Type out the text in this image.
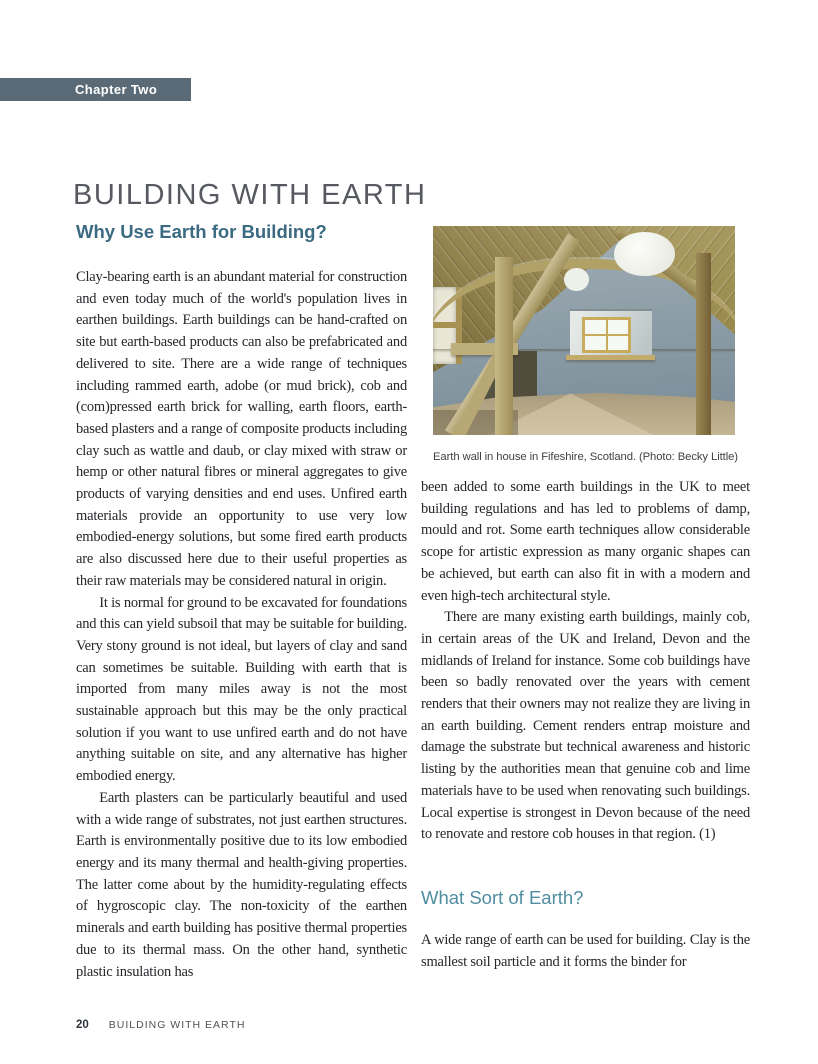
Chapter Two
BUILDING WITH EARTH
Why Use Earth for Building?

Clay-bearing earth is an abundant material for construction and even today much of the world's population lives in earthen buildings. Earth buildings can be hand-crafted on site but earth-based products can also be prefabricated and delivered to site. There are a wide range of techniques including rammed earth, adobe (or mud brick), cob and (com)pressed earth brick for walling, earth floors, earth-based plasters and a range of composite products including clay such as wattle and daub, or clay mixed with straw or hemp or other natural fibres or mineral aggregates to give products of varying densities and end uses. Unfired earth materials provide an opportunity to use very low embodied-energy solutions, but some fired earth products are also discussed here due to their useful properties as their raw materials may be considered natural in origin.

It is normal for ground to be excavated for foundations and this can yield subsoil that may be suitable for building. Very stony ground is not ideal, but layers of clay and sand can sometimes be suitable. Building with earth that is imported from many miles away is not the most sustainable approach but this may be the only practical solution if you want to use unfired earth and do not have anything suitable on site, and any alternative has higher embodied energy.

Earth plasters can be particularly beautiful and used with a wide range of substrates, not just earthen structures. Earth is environmentally positive due to its low embodied energy and its many thermal and health-giving properties. The latter come about by the humidity-regulating effects of hygroscopic clay. The non-toxicity of the earthen minerals and earth building has positive thermal properties due to its thermal mass. On the other hand, synthetic plastic insulation has

Earth wall in house in Fifeshire, Scotland. (Photo: Becky Little)

been added to some earth buildings in the UK to meet building regulations and has led to problems of damp, mould and rot. Some earth techniques allow considerable scope for artistic expression as many organic shapes can be achieved, but earth can also fit in with a modern and even high-tech architectural style.

There are many existing earth buildings, mainly cob, in certain areas of the UK and Ireland, Devon and the midlands of Ireland for instance. Some cob buildings have been so badly renovated over the years with cement renders that their owners may not realize they are living in an earth building. Cement renders entrap moisture and damage the substrate but technical awareness and historic listing by the authorities mean that genuine cob and lime materials have to be used when renovating such buildings. Local expertise is strongest in Devon because of the need to renovate and restore cob houses in that region. (1)

What Sort of Earth?

A wide range of earth can be used for building. Clay is the smallest soil particle and it forms the binder for

20 BUILDING WITH EARTH
